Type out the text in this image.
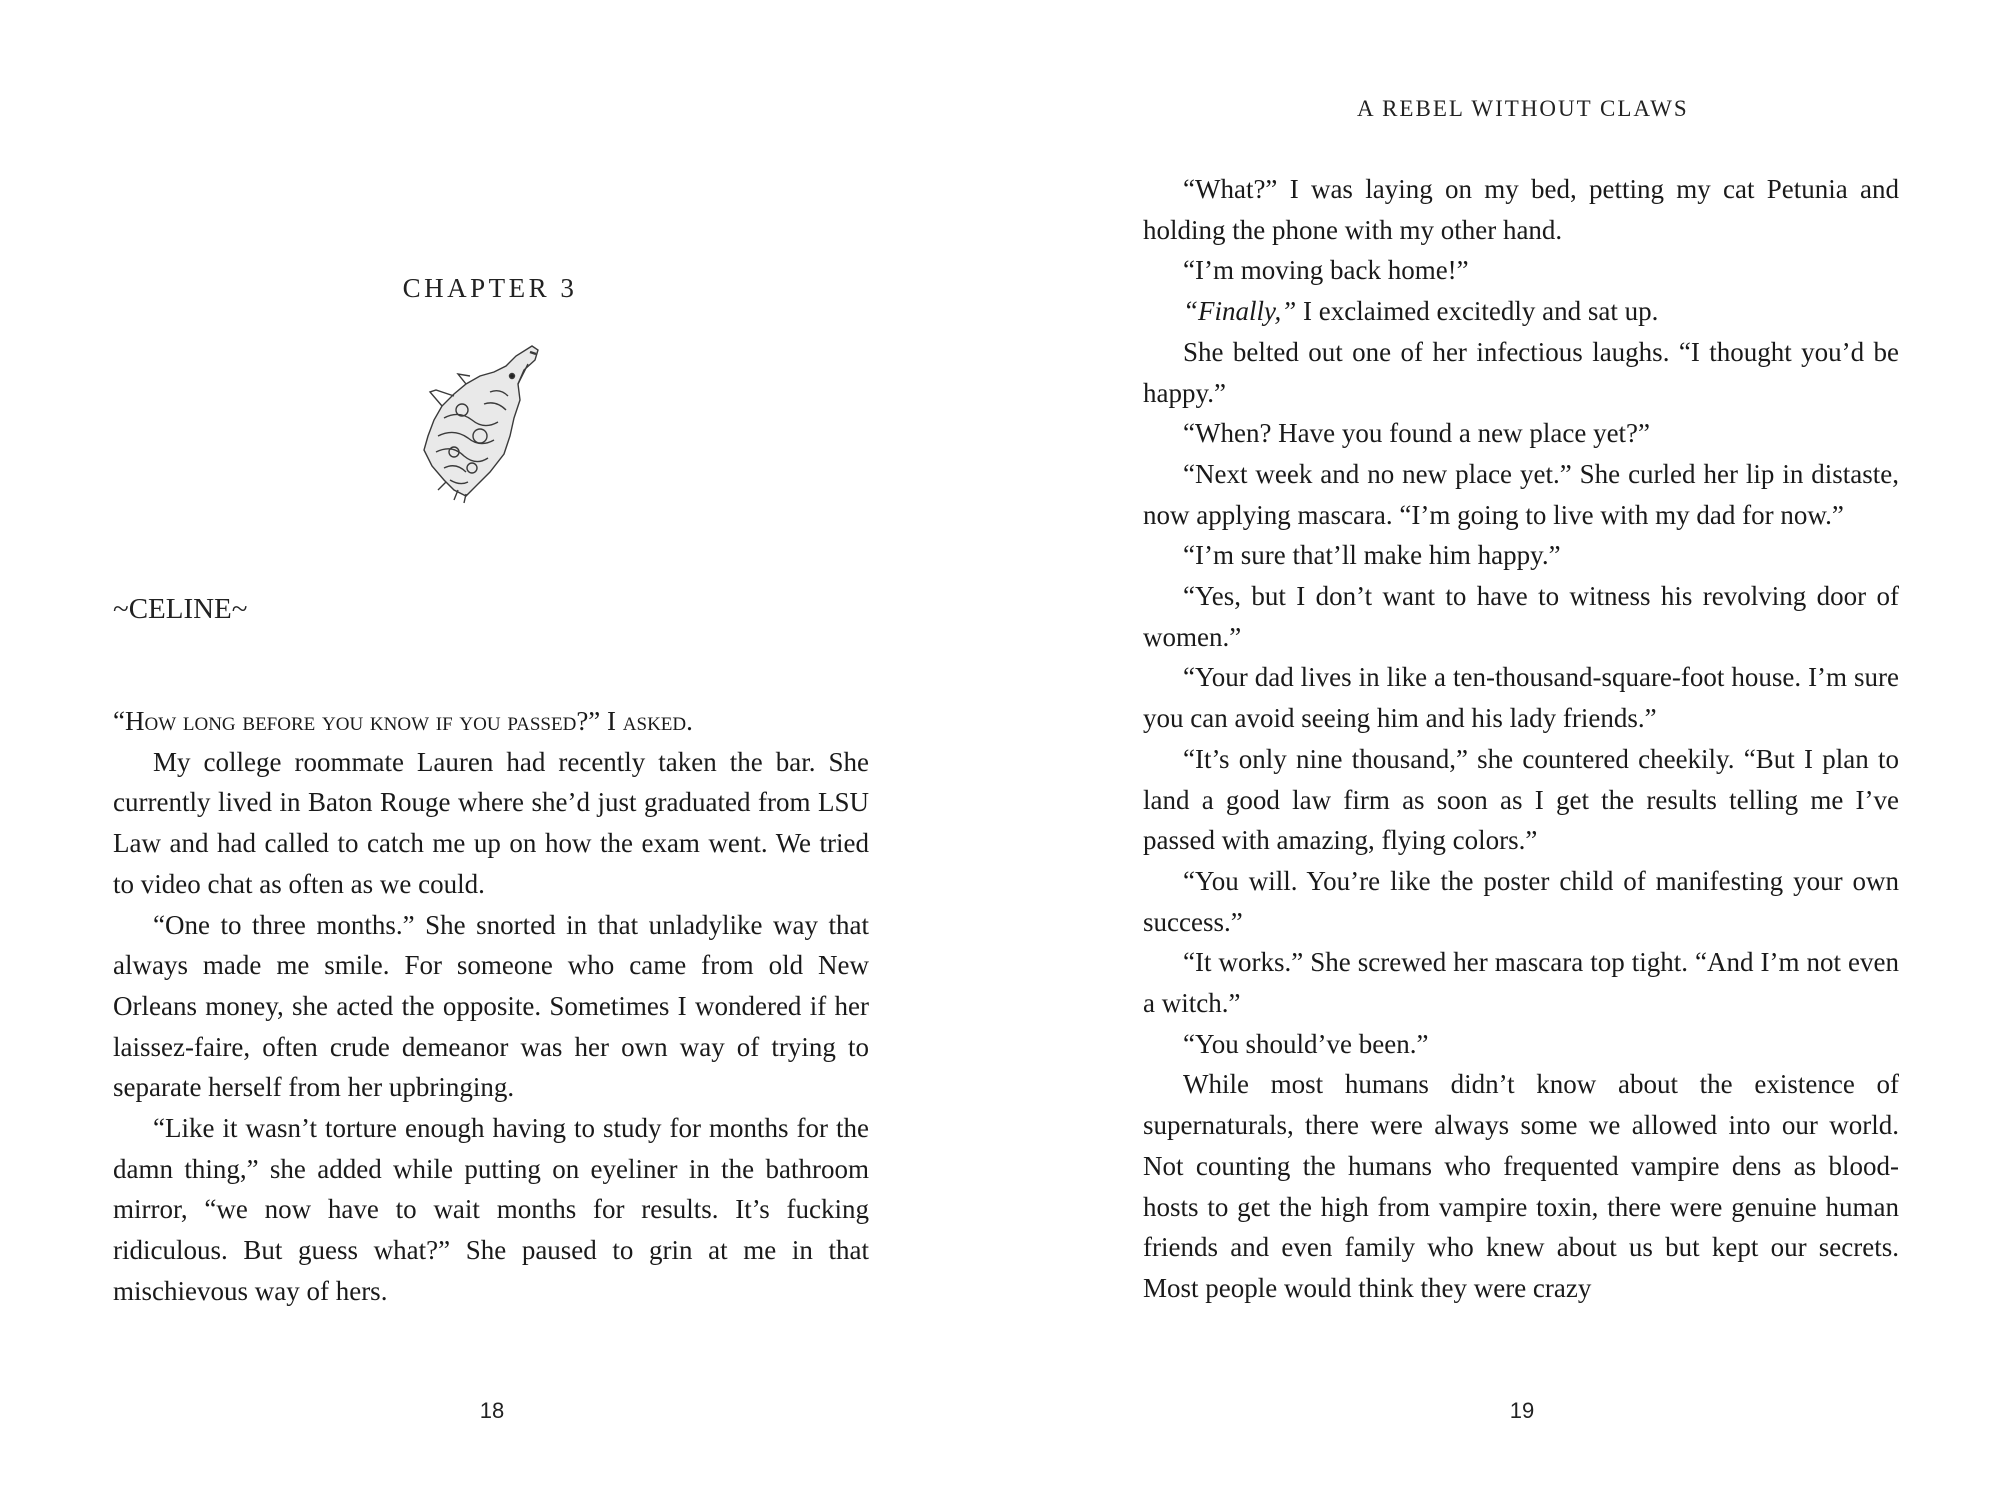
CHAPTER 3
~CELINE~

“How long before you know if you passed?” I asked.

My college roommate Lauren had recently taken the bar. She currently lived in Baton Rouge where she’d just graduated from LSU Law and had called to catch me up on how the exam went. We tried to video chat as often as we could.

“One to three months.” She snorted in that unladylike way that always made me smile. For someone who came from old New Orleans money, she acted the opposite. Sometimes I wondered if her laissez-faire, often crude demeanor was her own way of trying to separate herself from her upbringing.

“Like it wasn’t torture enough having to study for months for the damn thing,” she added while putting on eyeliner in the bathroom mirror, “we now have to wait months for results. It’s fucking ridiculous. But guess what?” She paused to grin at me in that mischievous way of hers.

18
A REBEL WITHOUT CLAWS

“What?” I was laying on my bed, petting my cat Petunia and holding the phone with my other hand.

“I’m moving back home!”

“Finally,” I exclaimed excitedly and sat up.

She belted out one of her infectious laughs. “I thought you’d be happy.”

“When? Have you found a new place yet?”

“Next week and no new place yet.” She curled her lip in distaste, now applying mascara. “I’m going to live with my dad for now.”

“I’m sure that’ll make him happy.”

“Yes, but I don’t want to have to witness his revolving door of women.”

“Your dad lives in like a ten-thousand-square-foot house. I’m sure you can avoid seeing him and his lady friends.”

“It’s only nine thousand,” she countered cheekily. “But I plan to land a good law firm as soon as I get the results telling me I’ve passed with amazing, flying colors.”

“You will. You’re like the poster child of manifesting your own success.”

“It works.” She screwed her mascara top tight. “And I’m not even a witch.”

“You should’ve been.”

While most humans didn’t know about the existence of supernaturals, there were always some we allowed into our world. Not counting the humans who frequented vampire dens as blood-hosts to get the high from vampire toxin, there were genuine human friends and even family who knew about us but kept our secrets. Most people would think they were crazy

19
